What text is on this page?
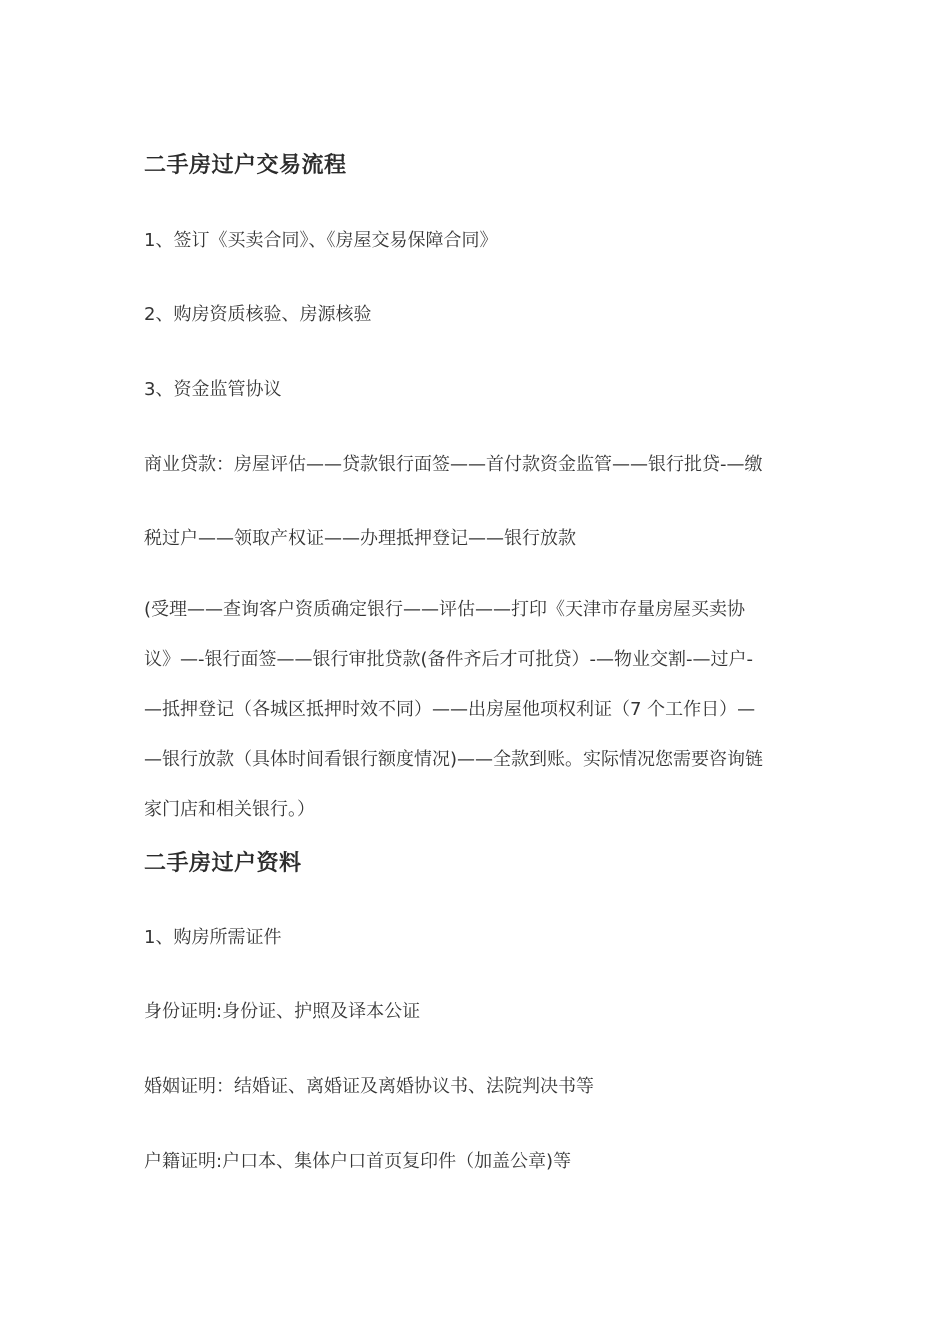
二手房过户交易流程

1、签订《买卖合同》、《房屋交易保障合同》

2、购房资质核验、房源核验

3、资金监管协议

商业贷款：房屋评估——贷款银行面签——首付款资金监管——银行批贷-—缴

税过户——领取产权证——办理抵押登记——银行放款

(受理——查询客户资质确定银行——评估——打印《天津市存量房屋买卖协
议》—-银行面签——银行审批贷款(备件齐后才可批贷）-—物业交割-—过户-
—抵押登记（各城区抵押时效不同）——出房屋他项权利证（7 个工作日）—
—银行放款（具体时间看银行额度情况)——全款到账。实际情况您需要咨询链
家门店和相关银行。）
二手房过户资料

1、购房所需证件

身份证明:身份证、护照及译本公证

婚姻证明：结婚证、离婚证及离婚协议书、法院判决书等

户籍证明:户口本、集体户口首页复印件（加盖公章)等
